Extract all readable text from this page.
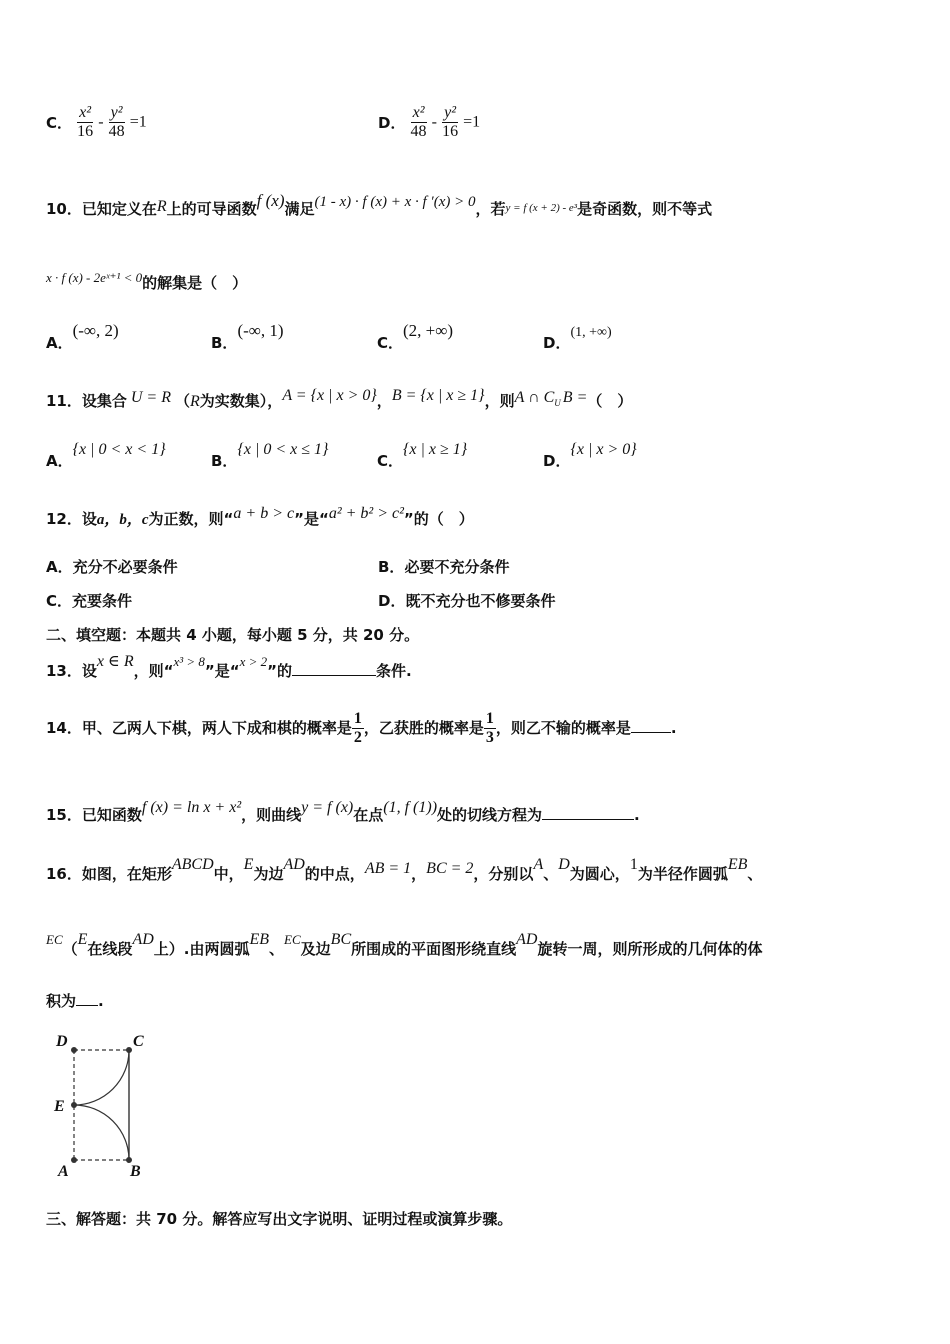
C． $\frac{\text{x²}}{16} - \frac{\text{y²}}{48} =1$	D． $\frac{\text{x²}}{48} - \frac{\text{y²}}{16} =1$
10．已知定义在R上的可导函数f (x)满足(1 - x) · f (x) + x · f ′(x) > 0，若$^{y = f (x + 2) - e^3}$是奇函数，则不等式
x · f (x) - 2eˣ⁺¹ < 0的解集是（　）
A．(-∞, 2)
B．(-∞, 1)
C．(2, +∞)
D．(1, +∞)
11．设集合 U = R （R为实数集），A = {x | x > 0}，B = {x | x ≥ 1}，则A ∩ $C_U$ B =（　）
A．{x | 0 < x < 1}
B．{x | 0 < x ≤ 1}
C．{x | x ≥ 1}
D．{x | x > 0}
12．设a，b，c为正数，则“a + b > c”是“a² + b² > c²”的（　）
A．充分不必要条件	B．必要不充分条件
C．充要条件	D．既不充分也不修要条件
二、填空题：本题共 4 小题，每小题 5 分，共 20 分。
13．设x ∈ R，则“x³ > 8”是“x > 2”的	条件.
14．甲、乙两人下棋，两人下成和棋的概率是 $\frac{1}{2}$ ，乙获胜的概率是 $\frac{1}{3}$ ，则乙不输的概率是	.
15．已知函数f (x) = ln x + x²，则曲线y = f (x)在点(1, f (1))处的切线方程为	.
16．如图，在矩形ABCD中，E为边AD的中点，AB = 1，BC = 2，分别以A、D为圆心，1为半径作圆弧EB、
EC（E在线段AD上）.由两圆弧EB、EC及边BC所围成的平面图形绕直线AD旋转一周，则所形成的几何体的体
积为 .
D	C
E
A	B
三、解答题：共 70 分。解答应写出文字说明、证明过程或演算步骤。
